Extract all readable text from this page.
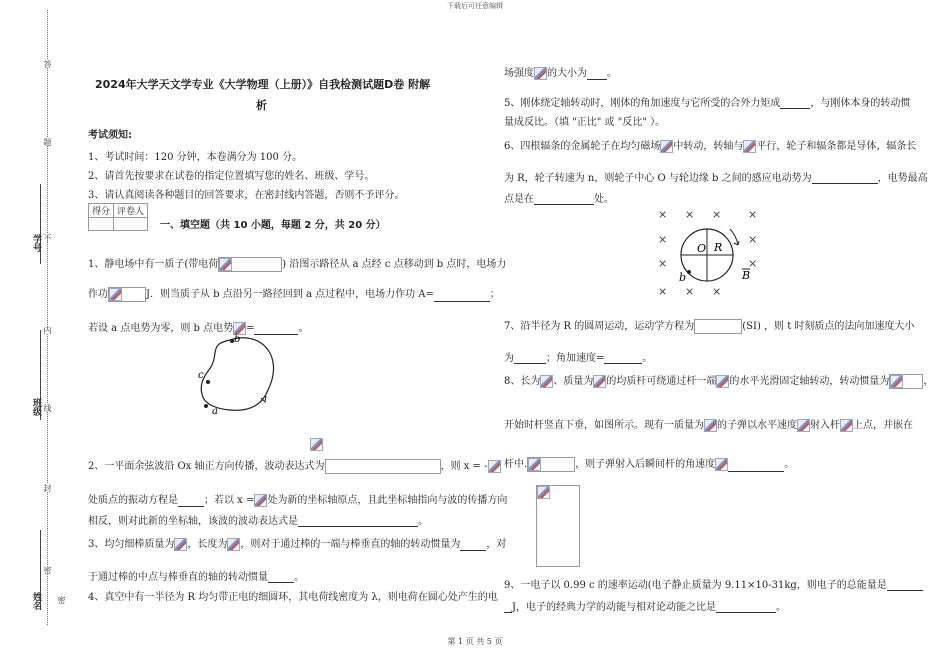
下载后可任意编辑
第 1 页 共 5 页
答
题
不
内
线
封
密
密
学号
班级
姓名
2024年大学天文学专业《大学物理（上册）》自我检测试题D卷 附解
析
考试须知:
1、考试时间：120 分钟，本卷满分为 100 分。
2、请首先按要求在试卷的指定位置填写您的姓名、班级、学号。
3、请认真阅读各种题目的回答要求，在密封线内答题，否则不予评分。
得分	评卷人

一、填空题（共 10 小题，每题 2 分，共 20 分）
1、静电场中有一质子(带电荷	) 沿图示路径从 a 点经 c 点移动到 b 点时，电场力
作功	J．则当质子从 b 点沿另一路径回到 a 点过程中，电场力作功 A=	；
若设 a 点电势为零，则 b 点电势 =	。
b
c
a
2、一平面余弦波沿 Ox 轴正方向传播，波动表达式为	，则 x = -
处质点的振动方程是	；若以 x = 处为新的坐标轴原点，且此坐标轴指向与波的传播方向
相反，则对此新的坐标轴，该波的波动表达式是	。
3、均匀细棒质量为 ，长度为 ，则对于通过棒的一端与棒垂直的轴的转动惯量为	，对
于通过棒的中点与棒垂直的轴的转动惯量	。
4、真空中有一半径为 R 均匀带正电的细圆环，其电荷线密度为 λ，则电荷在圆心处产生的电
场强度 的大小为 。
5、刚体绕定轴转动时，刚体的角加速度与它所受的合外力矩成	，与刚体本身的转动惯
量成反比。（填 "正比" 或 "反比" ）。
6、四根辐条的金属轮子在均匀磁场 中转动，转轴与 平行，轮子和辐条都是导体，辐条长
为 R，轮子转速为 n，则轮子中心 O 与轮边缘 b 之间的感应电动势为	，电势最高
点是在	处。
× × × ×
×	×
×	×
× × ×
O R
b	B
7、沿半径为 R 的圆周运动，运动学方程为	(SI) ，则 t 时刻质点的法向加速度大小
为	；角加速度=	。
8、长为 、质量为 的均质杆可绕通过杆一端 的水平光滑固定轴转动，转动惯量为	，
开始时杆竖直下垂，如图所示。现有一质量为 的子弹以水平速度 射入杆 上点，并嵌在
杆中.	，则子弹射入后瞬间杆的角速度	。
9、一电子以 0.99 c 的速率运动(电子静止质量为 9.11×10-31kg，则电子的总能量是
J，电子的经典力学的动能与相对论动能之比是	。
